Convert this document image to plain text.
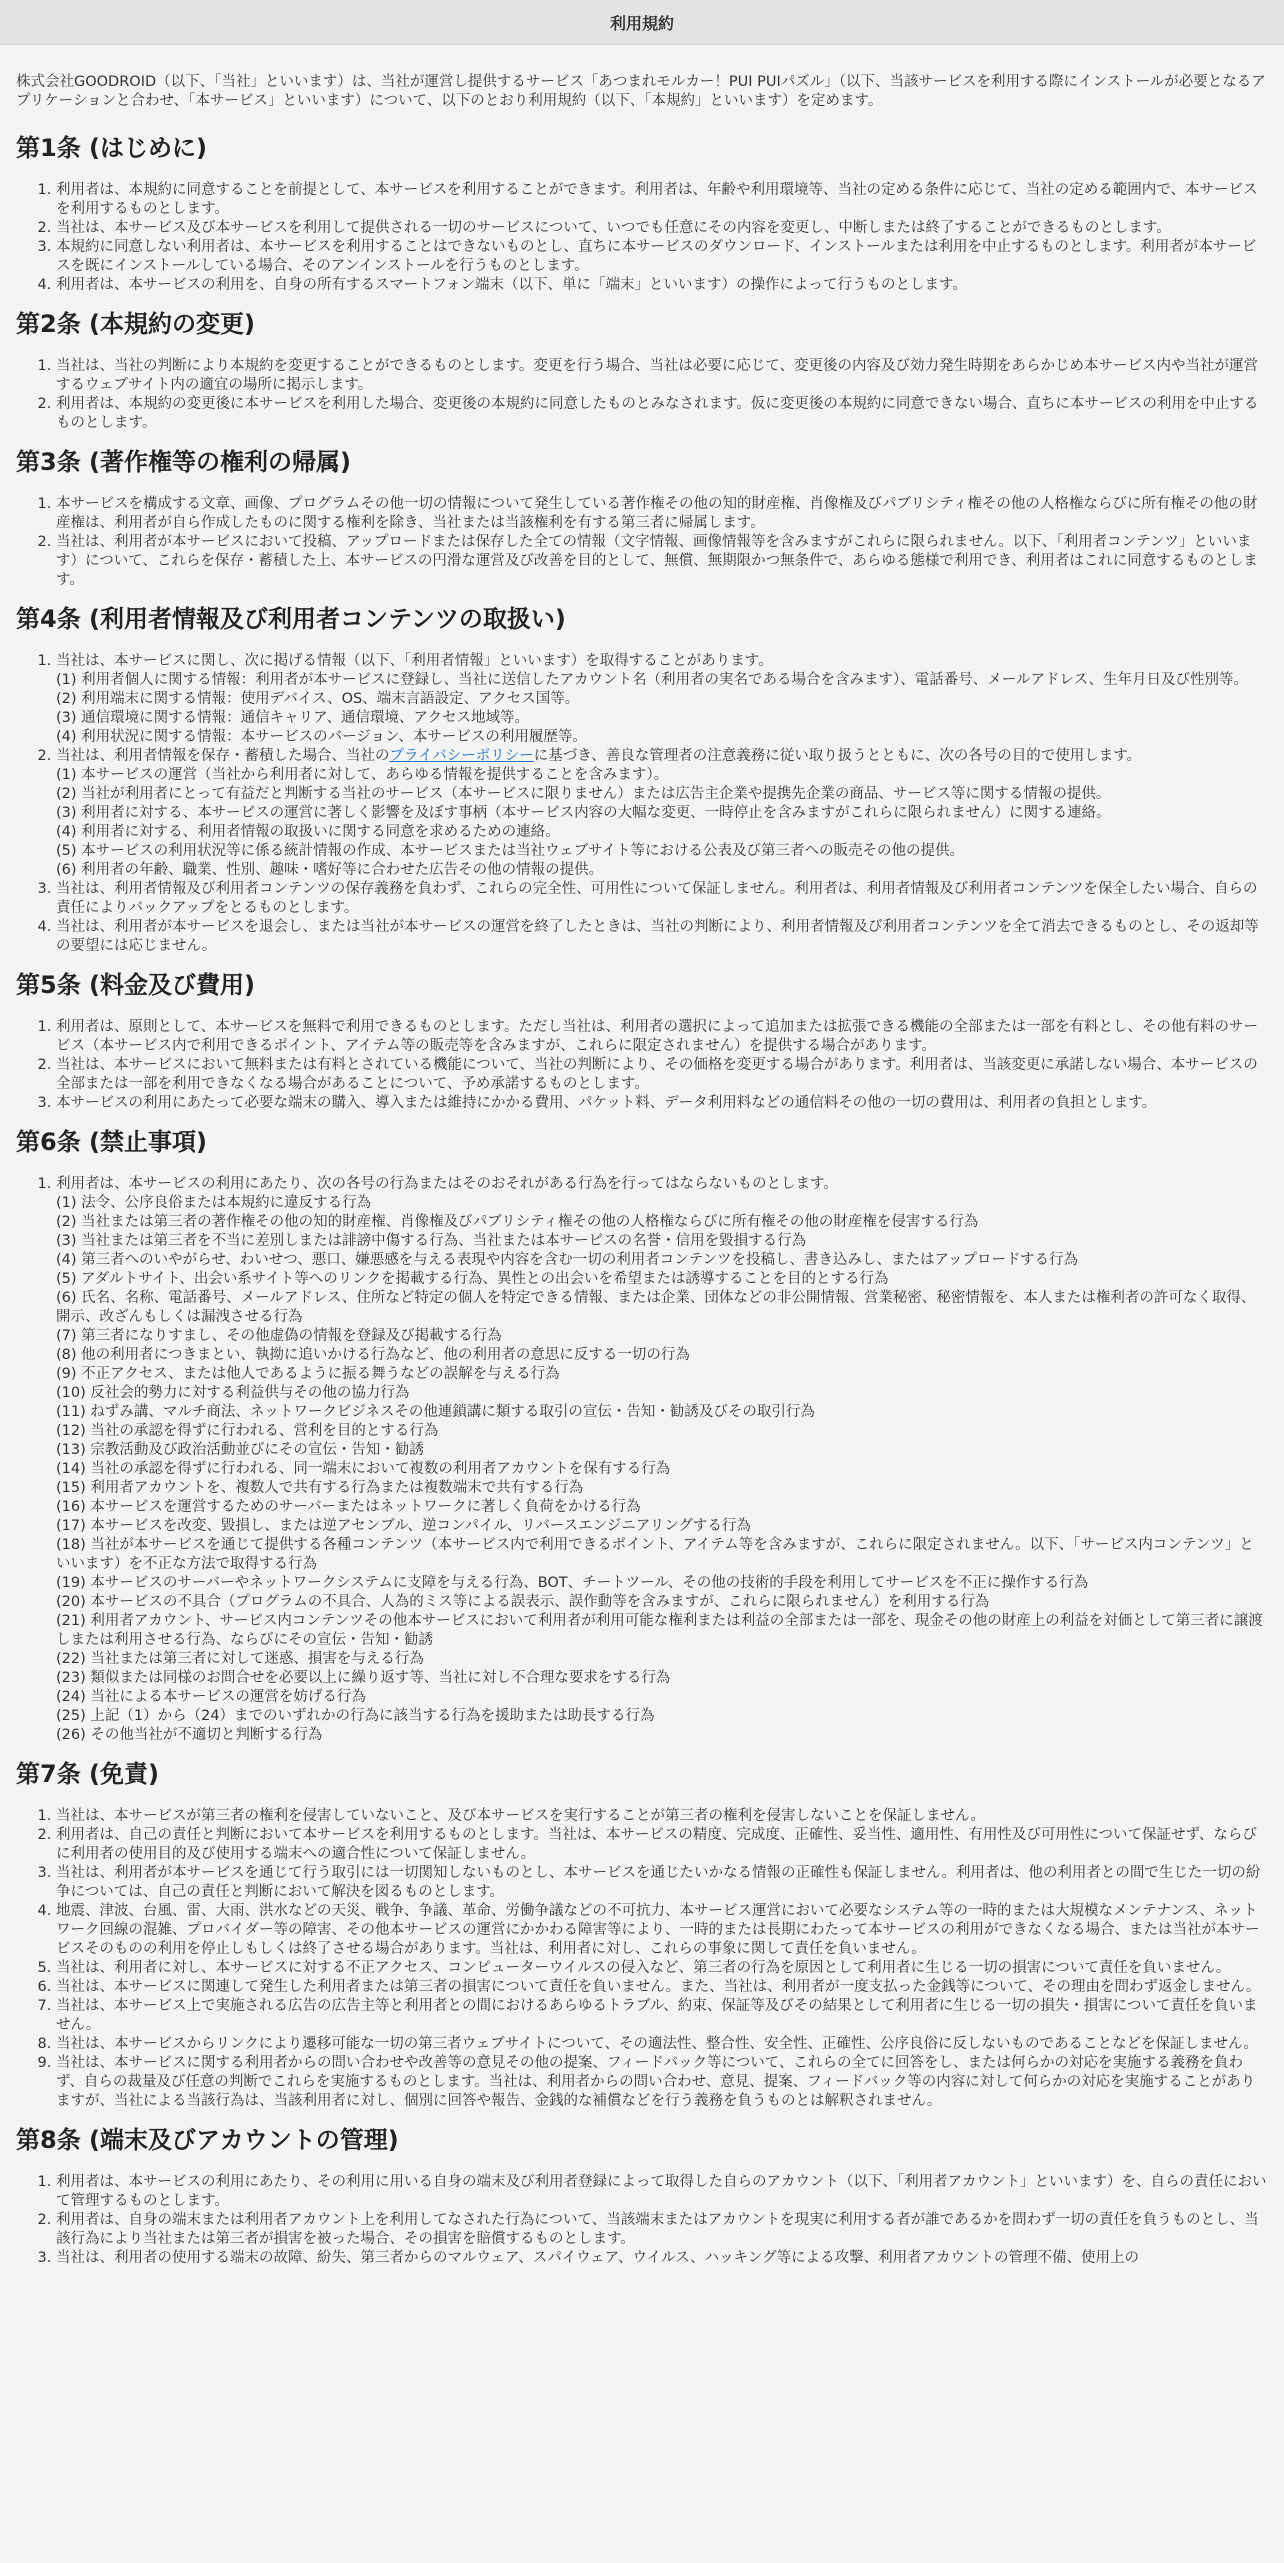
利用規約

株式会社GOODROID（以下、「当社」といいます）は、当社が運営し提供するサービス「あつまれモルカー！PUI PUIパズル」（以下、当該サービスを利用する際にインストールが必要となるアプリケーションと合わせ、「本サービス」といいます）について、以下のとおり利用規約（以下、「本規約」といいます）を定めます。

第1条 (はじめに)
1. 利用者は、本規約に同意することを前提として、本サービスを利用することができます。利用者は、年齢や利用環境等、当社の定める条件に応じて、当社の定める範囲内で、本サービスを利用するものとします。
2. 当社は、本サービス及び本サービスを利用して提供される一切のサービスについて、いつでも任意にその内容を変更し、中断しまたは終了することができるものとします。
3. 本規約に同意しない利用者は、本サービスを利用することはできないものとし、直ちに本サービスのダウンロード、インストールまたは利用を中止するものとします。利用者が本サービスを既にインストールしている場合、そのアンインストールを行うものとします。
4. 利用者は、本サービスの利用を、自身の所有するスマートフォン端末（以下、単に「端末」といいます）の操作によって行うものとします。
第2条 (本規約の変更)
1. 当社は、当社の判断により本規約を変更することができるものとします。変更を行う場合、当社は必要に応じて、変更後の内容及び効力発生時期をあらかじめ本サービス内や当社が運営するウェブサイト内の適宜の場所に掲示します。
2. 利用者は、本規約の変更後に本サービスを利用した場合、変更後の本規約に同意したものとみなされます。仮に変更後の本規約に同意できない場合、直ちに本サービスの利用を中止するものとします。
第3条 (著作権等の権利の帰属)
1. 本サービスを構成する文章、画像、プログラムその他一切の情報について発生している著作権その他の知的財産権、肖像権及びパブリシティ権その他の人格権ならびに所有権その他の財産権は、利用者が自ら作成したものに関する権利を除き、当社または当該権利を有する第三者に帰属します。
2. 当社は、利用者が本サービスにおいて投稿、アップロードまたは保存した全ての情報（文字情報、画像情報等を含みますがこれらに限られません。以下、「利用者コンテンツ」といいます）について、これらを保存・蓄積した上、本サービスの円滑な運営及び改善を目的として、無償、無期限かつ無条件で、あらゆる態様で利用でき、利用者はこれに同意するものとします。
第4条 (利用者情報及び利用者コンテンツの取扱い)
1. 当社は、本サービスに関し、次に掲げる情報（以下、「利用者情報」といいます）を取得することがあります。
(1) 利用者個人に関する情報：利用者が本サービスに登録し、当社に送信したアカウント名（利用者の実名である場合を含みます）、電話番号、メールアドレス、生年月日及び性別等。
(2) 利用端末に関する情報：使用デバイス、OS、端末言語設定、アクセス国等。
(3) 通信環境に関する情報：通信キャリア、通信環境、アクセス地域等。
(4) 利用状況に関する情報：本サービスのバージョン、本サービスの利用履歴等。
2. 当社は、利用者情報を保存・蓄積した場合、当社のプライバシーポリシーに基づき、善良な管理者の注意義務に従い取り扱うとともに、次の各号の目的で使用します。
(1) 本サービスの運営（当社から利用者に対して、あらゆる情報を提供することを含みます）。
(2) 当社が利用者にとって有益だと判断する当社のサービス（本サービスに限りません）または広告主企業や提携先企業の商品、サービス等に関する情報の提供。
(3) 利用者に対する、本サービスの運営に著しく影響を及ぼす事柄（本サービス内容の大幅な変更、一時停止を含みますがこれらに限られません）に関する連絡。
(4) 利用者に対する、利用者情報の取扱いに関する同意を求めるための連絡。
(5) 本サービスの利用状況等に係る統計情報の作成、本サービスまたは当社ウェブサイト等における公表及び第三者への販売その他の提供。
(6) 利用者の年齢、職業、性別、趣味・嗜好等に合わせた広告その他の情報の提供。
3. 当社は、利用者情報及び利用者コンテンツの保存義務を負わず、これらの完全性、可用性について保証しません。利用者は、利用者情報及び利用者コンテンツを保全したい場合、自らの責任によりバックアップをとるものとします。
4. 当社は、利用者が本サービスを退会し、または当社が本サービスの運営を終了したときは、当社の判断により、利用者情報及び利用者コンテンツを全て消去できるものとし、その返却等の要望には応じません。
第5条 (料金及び費用)
1. 利用者は、原則として、本サービスを無料で利用できるものとします。ただし当社は、利用者の選択によって追加または拡張できる機能の全部または一部を有料とし、その他有料のサービス（本サービス内で利用できるポイント、アイテム等の販売等を含みますが、これらに限定されません）を提供する場合があります。
2. 当社は、本サービスにおいて無料または有料とされている機能について、当社の判断により、その価格を変更する場合があります。利用者は、当該変更に承諾しない場合、本サービスの全部または一部を利用できなくなる場合があることについて、予め承諾するものとします。
3. 本サービスの利用にあたって必要な端末の購入、導入または維持にかかる費用、パケット料、データ利用料などの通信料その他の一切の費用は、利用者の負担とします。
第6条 (禁止事項)
1. 利用者は、本サービスの利用にあたり、次の各号の行為またはそのおそれがある行為を行ってはならないものとします。
(1) 法令、公序良俗または本規約に違反する行為
(2) 当社または第三者の著作権その他の知的財産権、肖像権及びパブリシティ権その他の人格権ならびに所有権その他の財産権を侵害する行為
(3) 当社または第三者を不当に差別しまたは誹謗中傷する行為、当社または本サービスの名誉・信用を毀損する行為
(4) 第三者へのいやがらせ、わいせつ、悪口、嫌悪感を与える表現や内容を含む一切の利用者コンテンツを投稿し、書き込みし、またはアップロードする行為
(5) アダルトサイト、出会い系サイト等へのリンクを掲載する行為、異性との出会いを希望または誘導することを目的とする行為
(6) 氏名、名称、電話番号、メールアドレス、住所など特定の個人を特定できる情報、または企業、団体などの非公開情報、営業秘密、秘密情報を、本人または権利者の許可なく取得、開示、改ざんもしくは漏洩させる行為
(7) 第三者になりすまし、その他虚偽の情報を登録及び掲載する行為
(8) 他の利用者につきまとい、執拗に追いかける行為など、他の利用者の意思に反する一切の行為
(9) 不正アクセス、または他人であるように振る舞うなどの誤解を与える行為
(10) 反社会的勢力に対する利益供与その他の協力行為
(11) ねずみ講、マルチ商法、ネットワークビジネスその他連鎖講に類する取引の宣伝・告知・勧誘及びその取引行為
(12) 当社の承認を得ずに行われる、営利を目的とする行為
(13) 宗教活動及び政治活動並びにその宣伝・告知・勧誘
(14) 当社の承認を得ずに行われる、同一端末において複数の利用者アカウントを保有する行為
(15) 利用者アカウントを、複数人で共有する行為または複数端末で共有する行為
(16) 本サービスを運営するためのサーバーまたはネットワークに著しく負荷をかける行為
(17) 本サービスを改変、毀損し、または逆アセンブル、逆コンパイル、リバースエンジニアリングする行為
(18) 当社が本サービスを通じて提供する各種コンテンツ（本サービス内で利用できるポイント、アイテム等を含みますが、これらに限定されません。以下、「サービス内コンテンツ」といいます）を不正な方法で取得する行為
(19) 本サービスのサーバーやネットワークシステムに支障を与える行為、BOT、チートツール、その他の技術的手段を利用してサービスを不正に操作する行為
(20) 本サービスの不具合（プログラムの不具合、人為的ミス等による誤表示、誤作動等を含みますが、これらに限られません）を利用する行為
(21) 利用者アカウント、サービス内コンテンツその他本サービスにおいて利用者が利用可能な権利または利益の全部または一部を、現金その他の財産上の利益を対価として第三者に譲渡しまたは利用させる行為、ならびにその宣伝・告知・勧誘
(22) 当社または第三者に対して迷惑、損害を与える行為
(23) 類似または同様のお問合せを必要以上に繰り返す等、当社に対し不合理な要求をする行為
(24) 当社による本サービスの運営を妨げる行為
(25) 上記（1）から（24）までのいずれかの行為に該当する行為を援助または助長する行為
(26) その他当社が不適切と判断する行為
第7条 (免責)
1. 当社は、本サービスが第三者の権利を侵害していないこと、及び本サービスを実行することが第三者の権利を侵害しないことを保証しません。
2. 利用者は、自己の責任と判断において本サービスを利用するものとします。当社は、本サービスの精度、完成度、正確性、妥当性、適用性、有用性及び可用性について保証せず、ならびに利用者の使用目的及び使用する端末への適合性について保証しません。
3. 当社は、利用者が本サービスを通じて行う取引には一切関知しないものとし、本サービスを通じたいかなる情報の正確性も保証しません。利用者は、他の利用者との間で生じた一切の紛争については、自己の責任と判断において解決を図るものとします。
4. 地震、津波、台風、雷、大雨、洪水などの天災、戦争、争議、革命、労働争議などの不可抗力、本サービス運営において必要なシステム等の一時的または大規模なメンテナンス、ネットワーク回線の混雑、プロバイダー等の障害、その他本サービスの運営にかかわる障害等により、一時的または長期にわたって本サービスの利用ができなくなる場合、または当社が本サービスそのものの利用を停止しもしくは終了させる場合があります。当社は、利用者に対し、これらの事象に関して責任を負いません。
5. 当社は、利用者に対し、本サービスに対する不正アクセス、コンピューターウイルスの侵入など、第三者の行為を原因として利用者に生じる一切の損害について責任を負いません。
6. 当社は、本サービスに関連して発生した利用者または第三者の損害について責任を負いません。また、当社は、利用者が一度支払った金銭等について、その理由を問わず返金しません。
7. 当社は、本サービス上で実施される広告の広告主等と利用者との間におけるあらゆるトラブル、約束、保証等及びその結果として利用者に生じる一切の損失・損害について責任を負いません。
8. 当社は、本サービスからリンクにより遷移可能な一切の第三者ウェブサイトについて、その適法性、整合性、安全性、正確性、公序良俗に反しないものであることなどを保証しません。
9. 当社は、本サービスに関する利用者からの問い合わせや改善等の意見その他の提案、フィードバック等について、これらの全てに回答をし、または何らかの対応を実施する義務を負わず、自らの裁量及び任意の判断でこれらを実施するものとします。当社は、利用者からの問い合わせ、意見、提案、フィードバック等の内容に対して何らかの対応を実施することがありますが、当社による当該行為は、当該利用者に対し、個別に回答や報告、金銭的な補償などを行う義務を負うものとは解釈されません。
第8条 (端末及びアカウントの管理)
1. 利用者は、本サービスの利用にあたり、その利用に用いる自身の端末及び利用者登録によって取得した自らのアカウント（以下、「利用者アカウント」といいます）を、自らの責任において管理するものとします。
2. 利用者は、自身の端末または利用者アカウント上を利用してなされた行為について、当該端末またはアカウントを現実に利用する者が誰であるかを問わず一切の責任を負うものとし、当該行為により当社または第三者が損害を被った場合、その損害を賠償するものとします。
3. 当社は、利用者の使用する端末の故障、紛失、第三者からのマルウェア、スパイウェア、ウイルス、ハッキング等による攻撃、利用者アカウントの管理不備、使用上の
